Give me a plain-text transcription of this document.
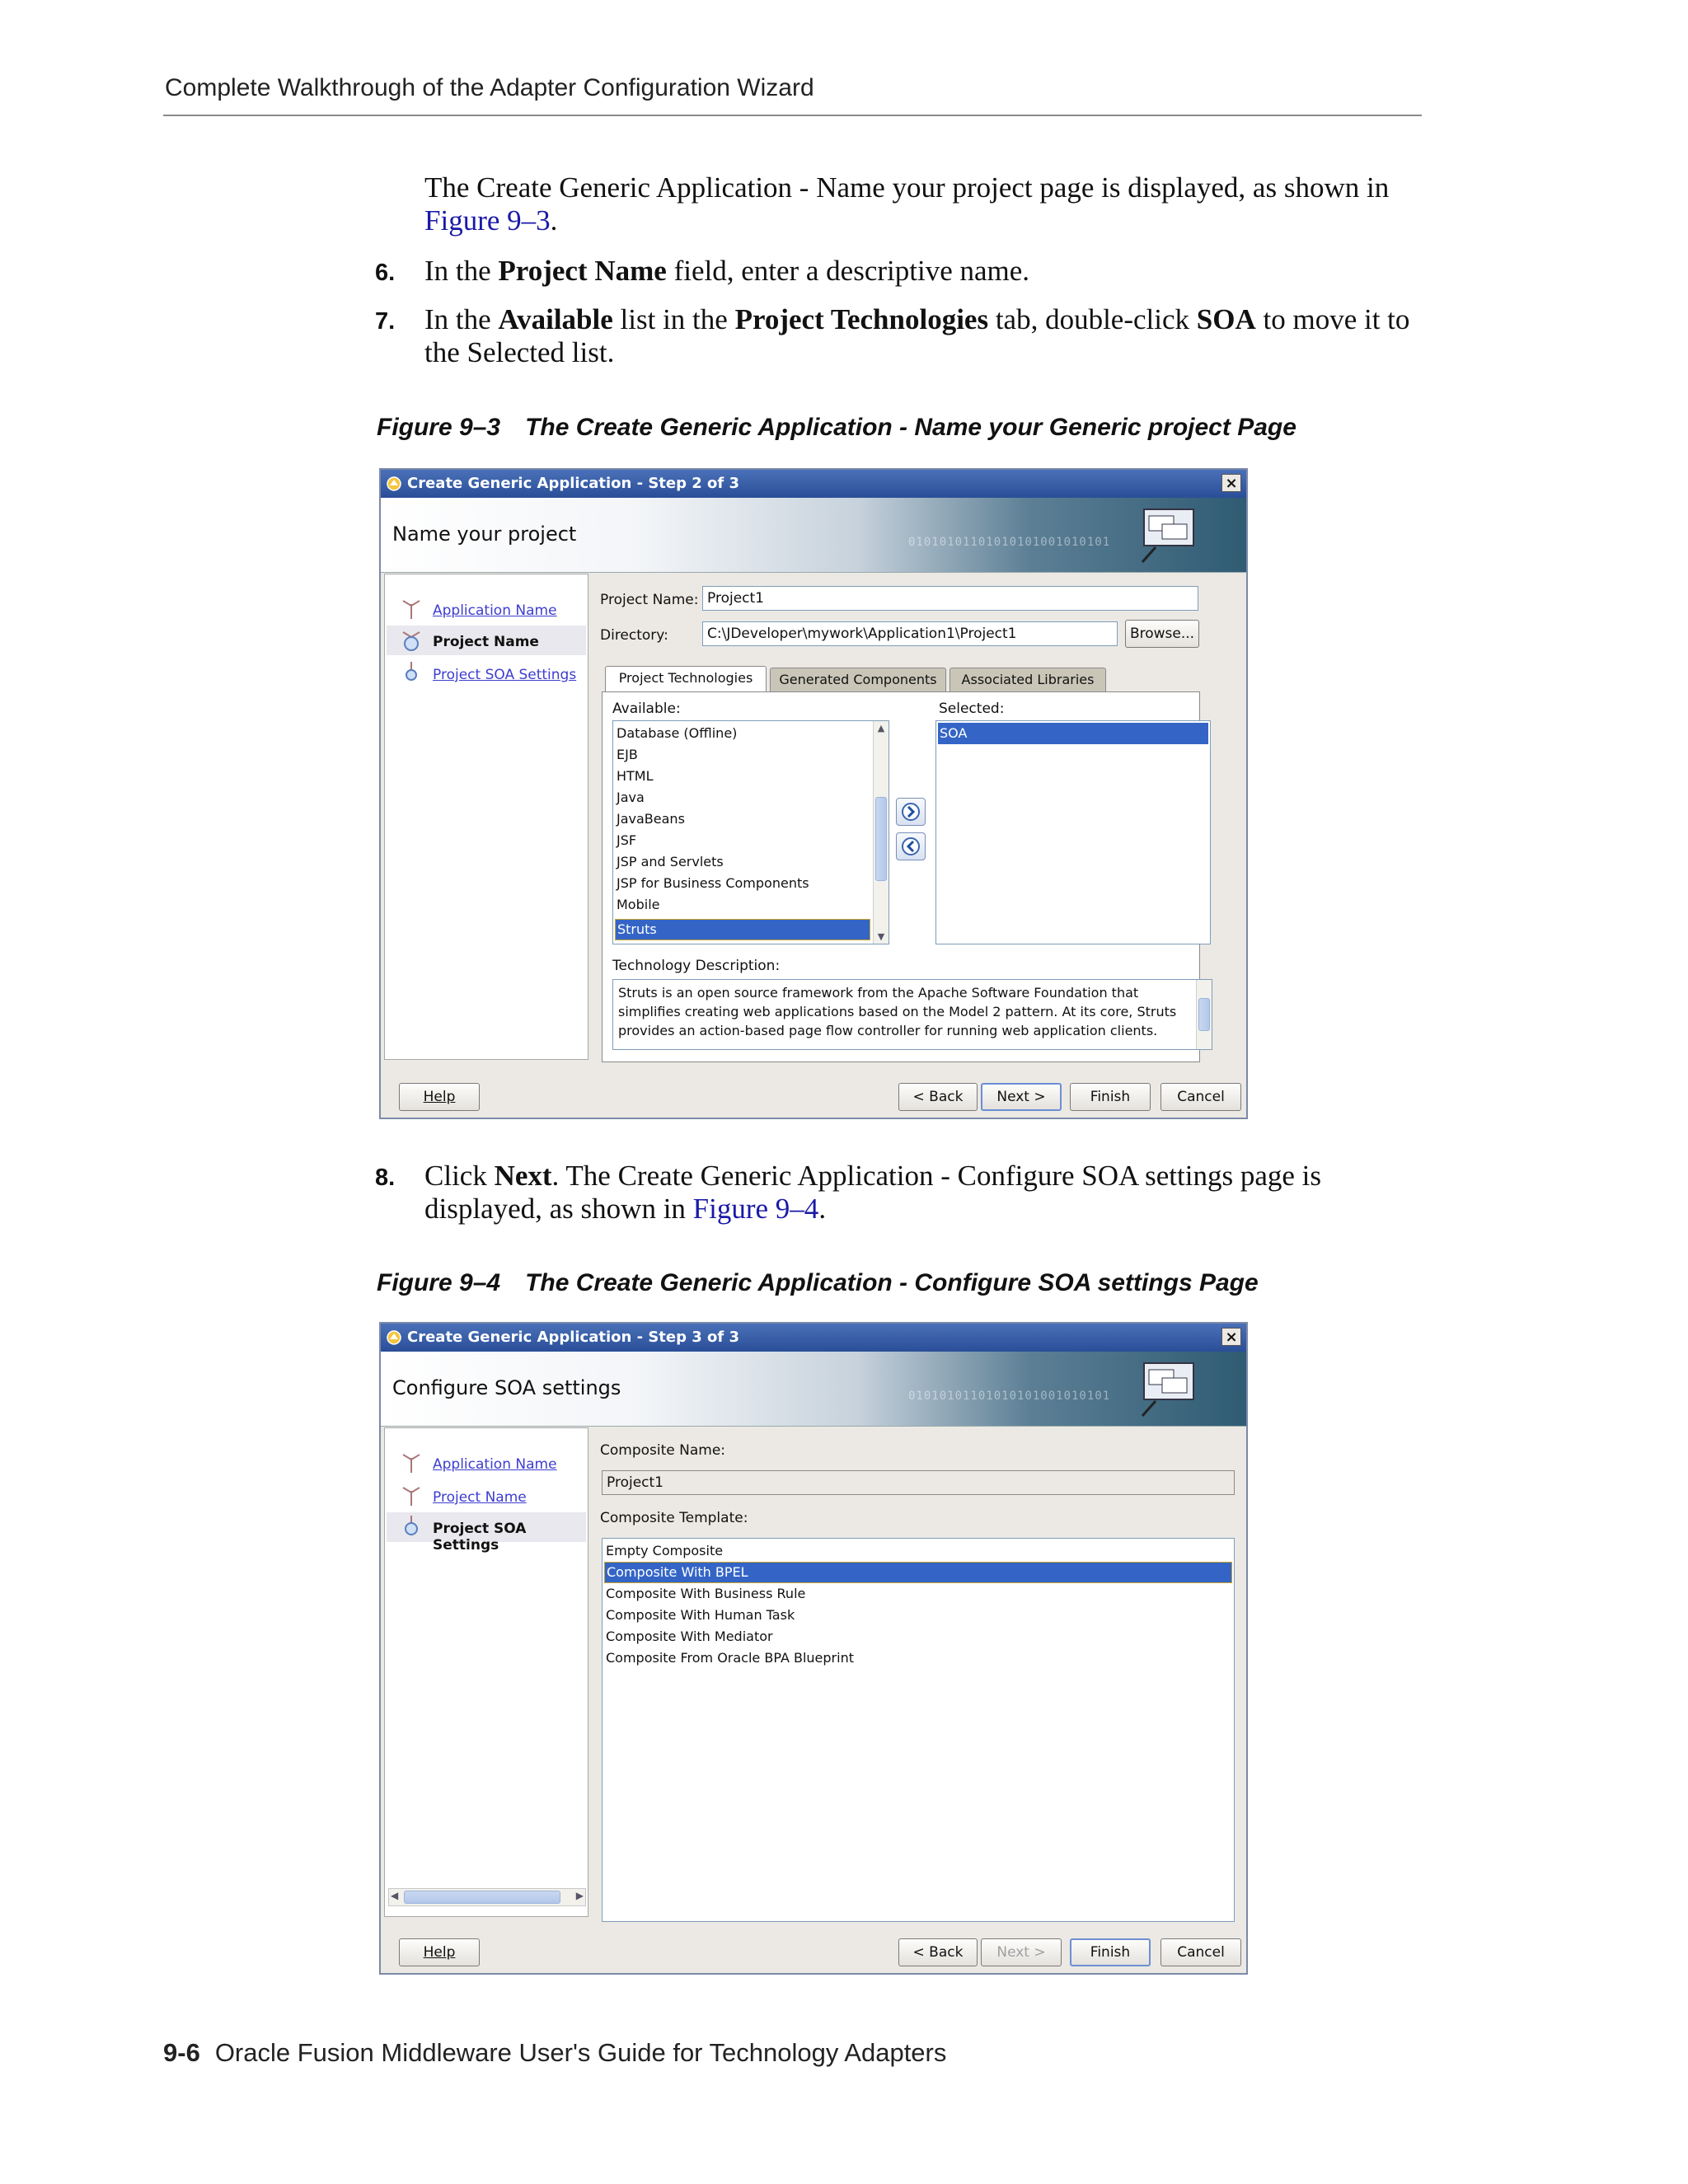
Complete Walkthrough of the Adapter Configuration Wizard
The Create Generic Application - Name your project page is displayed, as shown in Figure 9–3.
6. In the Project Name field, enter a descriptive name.
7. In the Available list in the Project Technologies tab, double-click SOA to move it to the Selected list.
Figure 9–3 The Create Generic Application - Name your Generic project Page
Create Generic Application - Step 2 of 3	×
Name your project	01010101101010101001010101
Application Name
Project Name
Project SOA Settings
Project Name: Project1
Directory:	C:\JDeveloper\mywork\Application1\Project1	Browse...
Project Technologies	Generated Components	Associated Libraries
Available:
Database (Offline)
EJB
HTML
Java
JavaBeans
JSF
JSP and Servlets
JSP for Business Components
Mobile
Struts
▲
▼
Selected:
SOA
Technology Description:
Struts is an open source framework from the Apache Software Foundation that simplifies creating web applications based on the Model 2 pattern. At its core, Struts provides an action-based page flow controller for running web application clients.
Help	< Back	Next >	Finish	Cancel
8. Click Next. The Create Generic Application - Configure SOA settings page is displayed, as shown in Figure 9–4.
Figure 9–4 The Create Generic Application - Configure SOA settings Page
Create Generic Application - Step 3 of 3	×
Configure SOA settings	01010101101010101001010101
Application Name
Project Name
Project SOA Settings
◀	▶
Composite Name:
Project1
Composite Template:
Empty Composite
Composite With BPEL
Composite With Business Rule
Composite With Human Task
Composite With Mediator
Composite From Oracle BPA Blueprint
Help	< Back	Next >	Finish	Cancel
9-6 Oracle Fusion Middleware User's Guide for Technology Adapters
